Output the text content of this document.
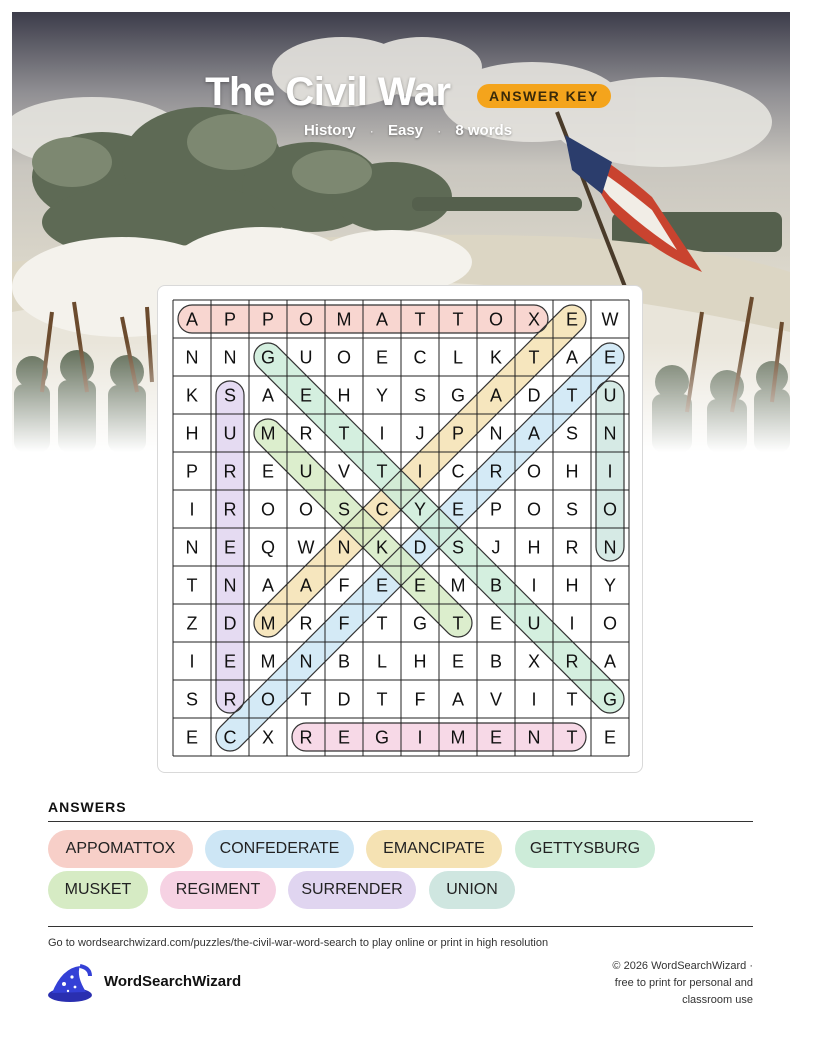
The Civil War	ANSWER KEY
History · Easy · 8 words
A P P O M A T T O X E W
N N G U O E C L K T A E
K S A E H Y S G A D T U
H U M R T I J P N A S N
P R E U V T I C R O H I
I R O O S C Y E P O S O
N E Q W N K D S J H R N
T N A A F E E M B I H Y
Z D M R F T G T E U I O
I E M N B L H E B X R A
S R O T D T F A V I T G
E C X R E G I M E N T E
ANSWERS
APPOMATTOX	CONFEDERATE	EMANCIPATE	GETTYSBURG
MUSKET	REGIMENT	SURRENDER	UNION
Go to wordsearchwizard.com/puzzles/the-civil-war-word-search to play online or print in high resolution
WordSearchWizard
© 2026 WordSearchWizard ·
free to print for personal and
classroom use
